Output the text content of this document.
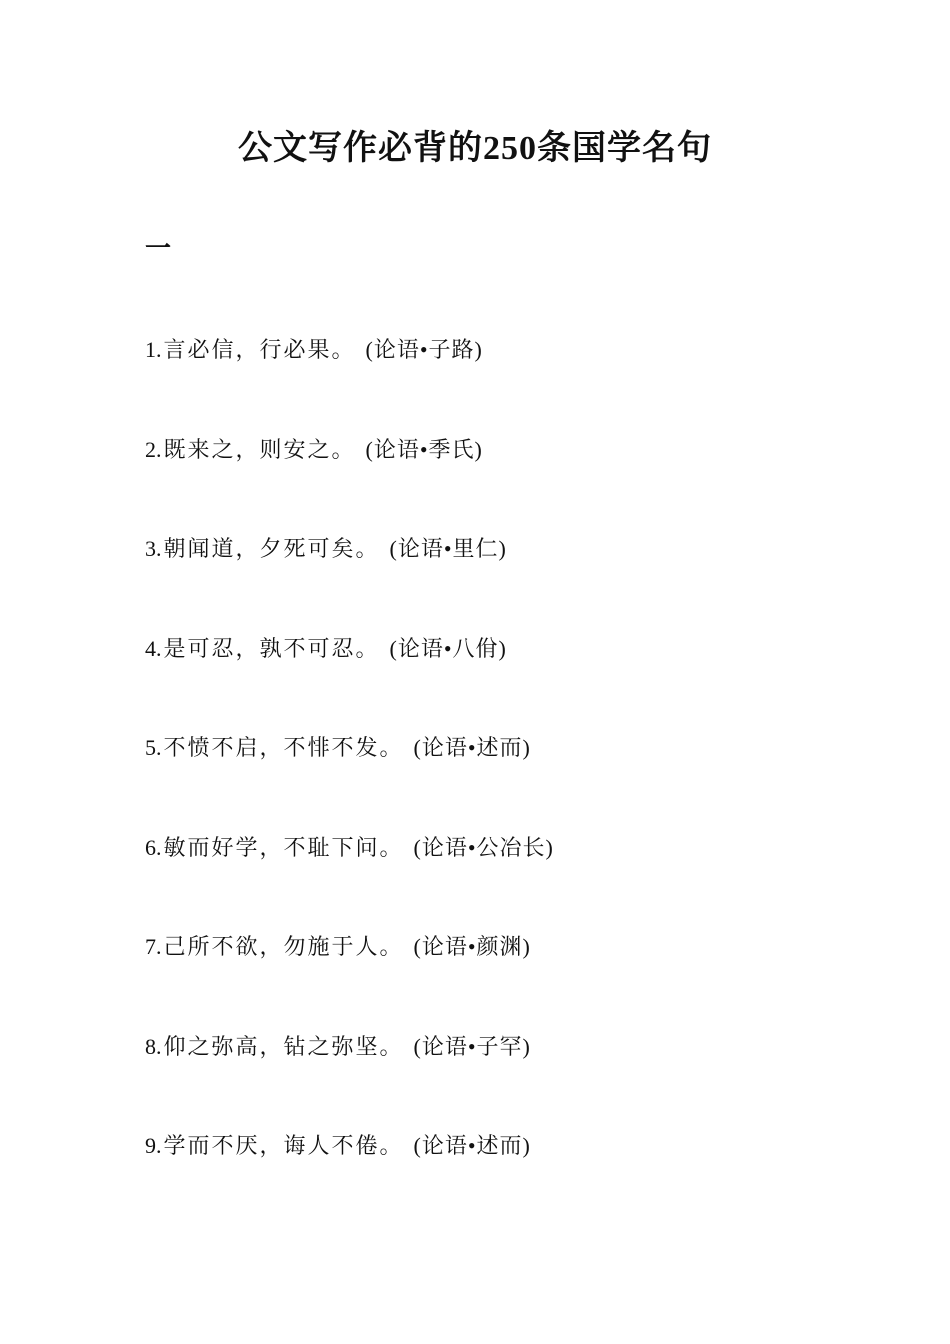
公文写作必背的250条国学名句
一
1.言必信，行必果。 (论语•子路)
2.既来之，则安之。 (论语•季氏)
3.朝闻道，夕死可矣。 (论语•里仁)
4.是可忍，孰不可忍。 (论语•八佾)
5.不愤不启，不悱不发。 (论语•述而)
6.敏而好学，不耻下问。 (论语•公冶长)
7.己所不欲，勿施于人。 (论语•颜渊)
8.仰之弥高，钻之弥坚。 (论语•子罕)
9.学而不厌，诲人不倦。 (论语•述而)
